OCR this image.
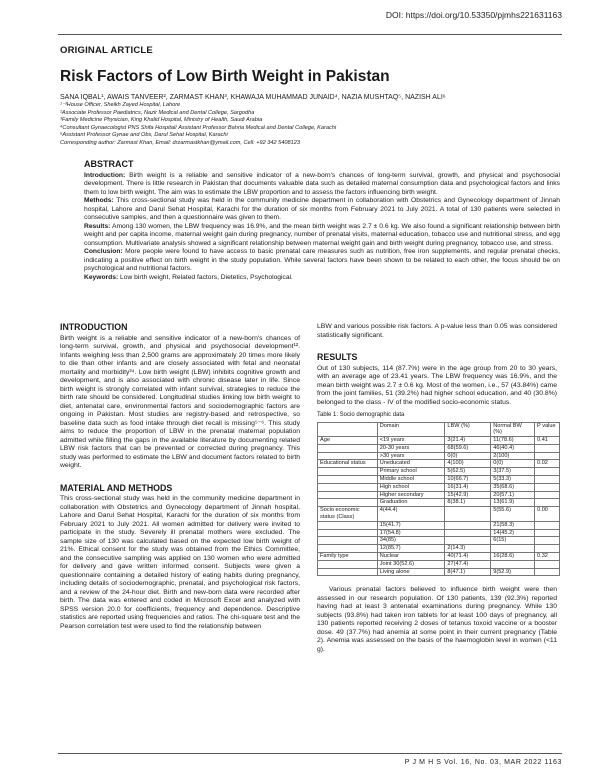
DOI: https://doi.org/10.53350/pjmhs221631163
ORIGINAL ARTICLE
Risk Factors of Low Birth Weight in Pakistan
SANA IQBAL¹, AWAIS TANVEER², ZARMAST KHAN³, KHAWAJA MUHAMMAD JUNAID⁴, NAZIA MUSHTAQ⁵, NAZISH ALI⁶
¹⁻³House Officer, Sheikh Zayed Hospital, Lahore
²Associate Professor Paediatrics, Nazir Medical and Dental College, Sargodha
³Family Medicine Physician, King Khalid Hospital, Ministry of Health, Saudi Arabia
⁴Consultant Gynaecologist PNS Shifa Hospital/ Assistant Professor Bahria Medical and Dental College, Karachi
⁵Assistant Professor Gynae and Obs, Darul Sehat Hospital, Karachi
Corresponding author: Zarmast Khan, Email: drzarmastkhan@ymail.com, Cell: +92 342 5408123
ABSTRACT

Introduction: Birth weight is a reliable and sensitive indicator of a new-born's chances of long-term survival, growth, and physical and psychosocial development. There is little research in Pakistan that documents valuable data such as detailed maternal consumption data and psychological factors and links them to low birth weight. The aim was to estimate the LBW proportion and to assess the factors influencing birth weight.

Methods: This cross-sectional study was held in the community medicine department in collaboration with Obstetrics and Gynecology department of Jinnah hospital, Lahore and Darul Sehat Hospital, Karachi for the duration of six months from February 2021 to July 2021. A total of 130 patients were selected in consecutive samples, and then a questionnaire was given to them.

Results: Among 130 women, the LBW frequency was 16.9%, and the mean birth weight was 2.7 ± 0.6 kg. We also found a significant relationship between birth weight and per capita income, maternal weight gain during pregnancy, number of prenatal visits, maternal education, tobacco use and nutritional stress, and egg consumption. Multivariate analysis showed a significant relationship between maternal weight gain and birth weight during pregnancy, tobacco use, and stress.

Conclusion: More people were found to have access to basic prenatal care measures such as nutrition, free iron supplements, and regular prenatal checks, indicating a positive effect on birth weight in the study population. While several factors have been shown to be related to each other, the focus should be on psychological and nutritional factors.

Keywords: Low birth weight, Related factors, Dietetics, Psychological.

INTRODUCTION

Birth weight is a reliable and sensitive indicator of a new-born's chances of long-term survival, growth, and physical and psychosocial development¹². Infants weighing less than 2,500 grams are approximately 20 times more likely to die than other infants and are closely associated with fetal and neonatal mortality and morbidity³⁴. Low birth weight (LBW) inhibits cognitive growth and development, and is also associated with chronic disease later in life. Since birth weight is strongly correlated with infant survival, strategies to reduce the birth rate should be considered. Longitudinal studies linking low birth weight to diet, antenatal care, environmental factors and sociodemographic factors are ongoing in Pakistan. Most studies are registry-based and retrospective, so baseline data such as food intake through diet recall is missing⁵⁻⁶. This study aims to reduce the proportion of LBW in the prenatal maternal population admitted while filling the gaps in the available literature by documenting related LBW risk factors that can be prevented or corrected during pregnancy. This study was performed to estimate the LBW and document factors related to birth weight.

MATERIAL AND METHODS

This cross-sectional study was held in the community medicine department in collaboration with Obstetrics and Gynecology department of Jinnah hospital, Lahore and Darul Sehat Hospital, Karachi for the duration of six months from February 2021 to July 2021. All women admitted for delivery were invited to participate in the study. Severely ill prenatal mothers were excluded. The sample size of 130 was calculated based on the expected low birth weight of 21%. Ethical consent for the study was obtained from the Ethics Committee, and the consecutive sampling was applied on 130 women who were admitted for delivery and gave written informed consent. Subjects were given a questionnaire containing a detailed history of eating habits during pregnancy, including details of sociodemographic, prenatal, and psychological risk factors, and a review of the 24-hour diet. Birth and new-born data were recorded after birth. The data was entered and coded in Microsoft Excel and analyzed with SPSS version 20.0 for coefficients, frequency and dependence. Descriptive statistics are reported using frequencies and ratios. The chi-square test and the Pearson correlation test were used to find the relationship between

LBW and various possible risk factors. A p-value less than 0.05 was considered statistically significant.

RESULTS

Out of 130 subjects, 114 (87.7%) were in the age group from 20 to 30 years, with an average age of 23.41 years. The LBW frequency was 16.9%, and the mean birth weight was 2.7 ± 0.6 kg. Most of the women, i.e., 57 (43.84%) came from the joint families, 51 (39.2%) had higher school education, and 40 (30.8%) belonged to the class - IV of the modified socio-economic status.

Table 1: Socio demographic data
	Domain	LBW (%)	Normal BW (%)	P value
Age	<19 years	3(21.4)	11(78.6)	0.41
	20-30 years	68(59.6)	46(40.4)	
	>30 years	0(0)	2(100)	
Educational status	Uneducated	4(100)	0(0)	0.02
	Primary school	5(62.5)	3(37.5)	
	Middle school	10(66.7)	5(33.3)	
	High school	16(31.4)	35(68.6)	
	Higher secondary	15(42.9)	20(57.1)	
	Graduation	8(38.1)	13(61.9)	
Socio economic status (Class)	4(44.4)		5(55.6)	0.00
	15(41.7)		21(58.3)	
	17(54.8)		14(45.2)	
	34(85)		6(15)	
	12(85.7)	2(14.3)		
Family type	Nuclear	40(71.4)	16(28.6)	0.32
	Joint 30(52.6)	27(47.4)		
	Living alone	8(47.1)	9(52.9)	

Various prenatal factors believed to influence birth weight were then assessed in our research population. Of 130 patients, 139 (92.3%) reported having had at least 3 antenatal examinations during pregnancy. While 130 subjects (93.8%) had taken iron tablets for at least 100 days of pregnancy, all 130 patients reported receiving 2 doses of tetanus toxoid vaccine or a booster dose. 49 (37.7%) had anemia at some point in their current pregnancy (Table 2). Anemia was assessed on the basis of the haemoglobin level in women (<11 g).

P J M H S Vol. 16, No. 03, MAR 2022 1163
